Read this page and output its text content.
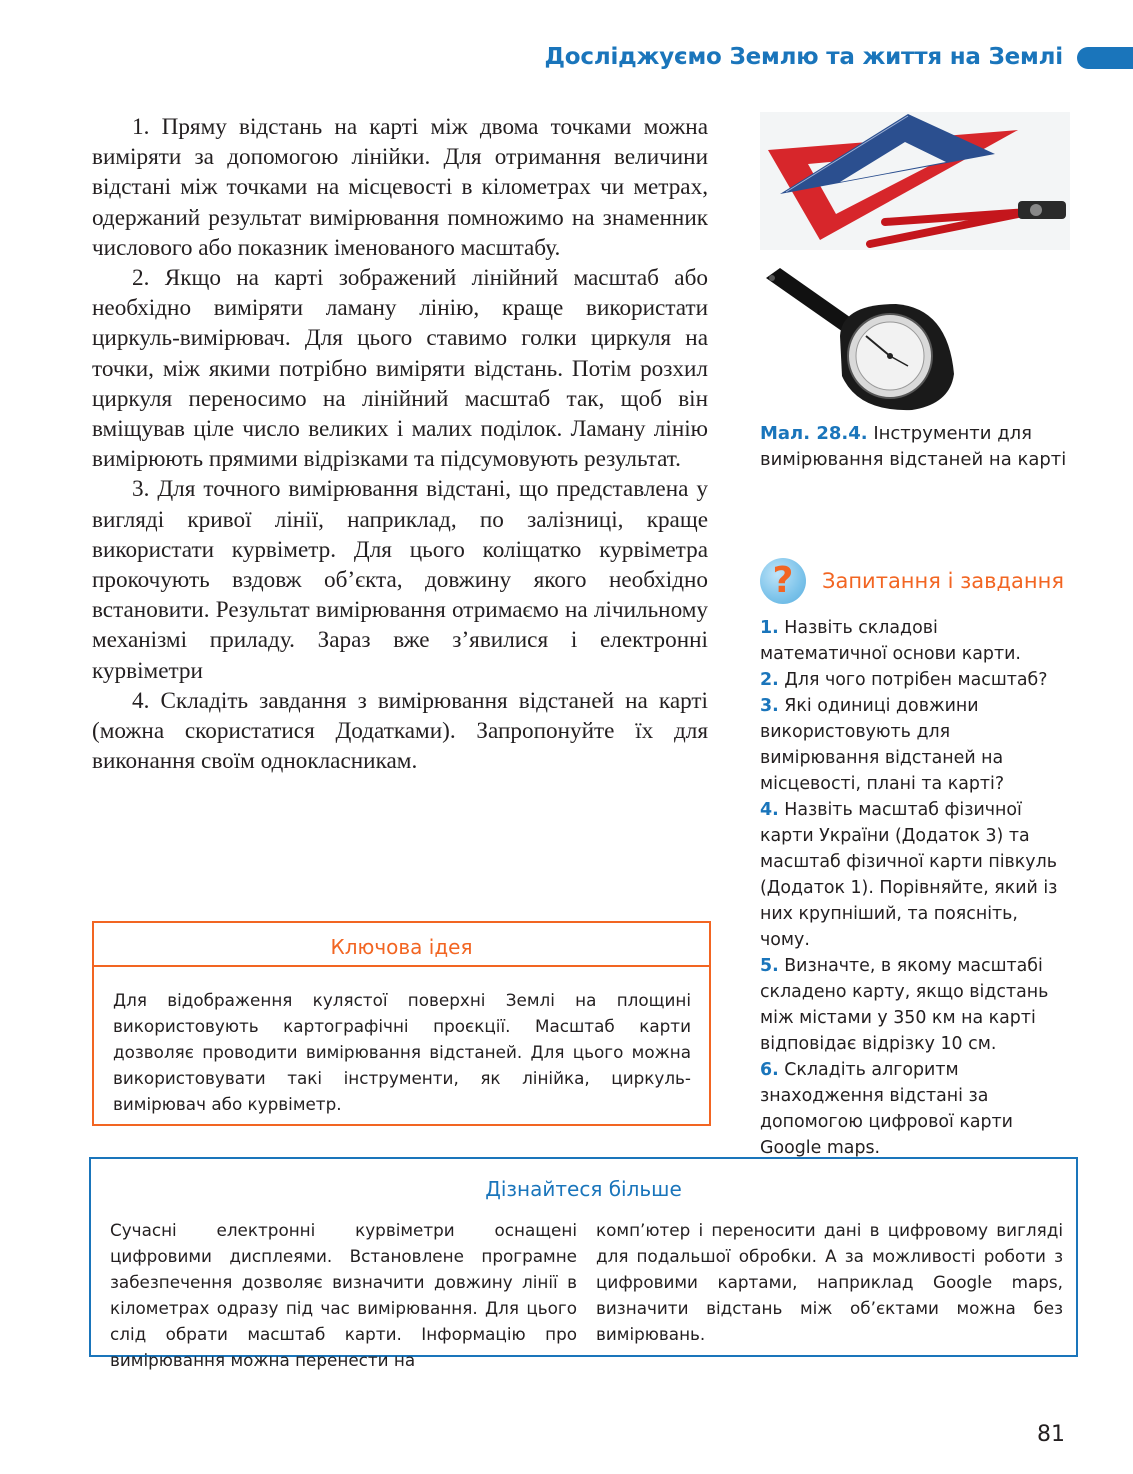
Досліджуємо Землю та життя на Землі

1. Пряму відстань на карті між двома точками можна виміряти за допомогою лінійки. Для отримання величини відстані між точками на місцевості в кілометрах чи метрах, одержаний результат вимірювання помножимо на знаменник числового або показник іменованого масштабу.

2. Якщо на карті зображений лінійний масштаб або необхідно виміряти ламану лінію, краще використати циркуль-вимірювач. Для цього ставимо голки циркуля на точки, між якими потрібно виміряти відстань. Потім розхил циркуля переносимо на лінійний масштаб так, щоб він вміщував ціле число великих і малих поділок. Ламану лінію вимірюють прямими відрізками та підсумовують результат.

3. Для точного вимірювання відстані, що представлена у вигляді кривої лінії, наприклад, по залізниці, краще використати курвіметр. Для цього коліщатко курвіметра прокочують вздовж об’єкта, довжину якого необхідно встановити. Результат вимірювання отримаємо на лічильному механізмі приладу. Зараз вже з’явилися і електронні курвіметри

4. Складіть завдання з вимірювання відстаней на карті (можна скористатися Додатками). Запропонуйте їх для виконання своїм однокласникам.

Мал. 28.4. Інструменти для вимірювання відстаней на карті
?	Запитання і завдання

1. Назвіть складові математичної основи карти.

2. Для чого потрібен масштаб?

3. Які одиниці довжини використовують для вимірювання відстаней на місцевості, плані та карті?

4. Назвіть масштаб фізичної карти України (Додаток 3) та масштаб фізичної карти півкуль (Додаток 1). Порівняйте, який із них крупніший, та поясніть, чому.

5. Визначте, в якому масштабі складено карту, якщо відстань між містами у 350 км на карті відповідає відрізку 10 см.

6. Складіть алгоритм знаходження відстані за допомогою цифрової карти Google maps.

Ключова ідея
Для відображення кулястої поверхні Землі на площині використовують картографічні проєкції. Масштаб карти дозволяє проводити вимірювання відстаней. Для цього можна використовувати такі інструменти, як лінійка, циркуль-вимірювач або курвіметр.
Дізнайтеся більше
Сучасні електронні курвіметри оснащені цифровими дисплеями. Встановлене програмне забезпечення дозволяє визначити довжину лінії в кілометрах одразу під час вимірювання. Для цього слід обрати масштаб карти. Інформацію про вимірювання можна перенести на
комп’ютер і переносити дані в цифровому вигляді для подальшої обробки. А за можливості роботи з цифровими картами, наприклад Google maps, визначити відстань між об’єктами можна без вимірювань.
81
